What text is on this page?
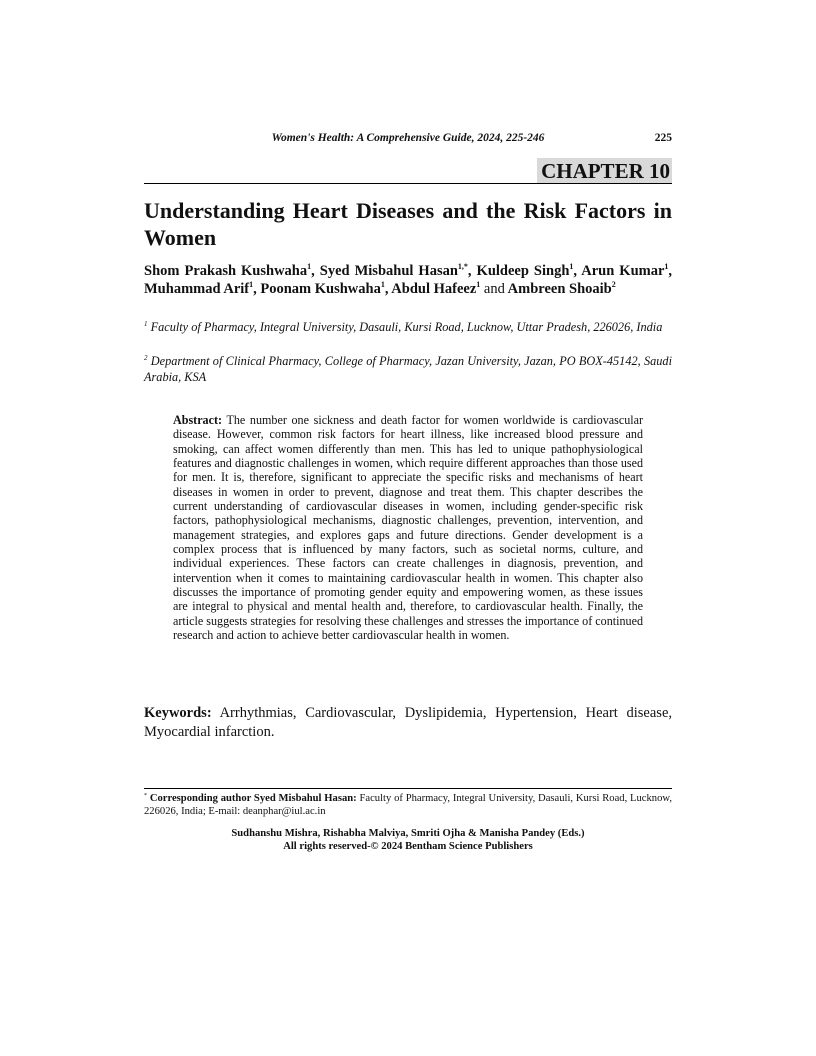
Women's Health: A Comprehensive Guide, 2024, 225-246	225
CHAPTER 10
Understanding Heart Diseases and the Risk Factors in Women
Shom Prakash Kushwaha$^1$, Syed Misbahul Hasan$^{1,*}$, Kuldeep Singh$^1$, Arun Kumar$^1$, Muhammad Arif$^1$, Poonam Kushwaha$^1$, Abdul Hafeez$^1$ and Ambreen Shoaib$^2$
$^1$ Faculty of Pharmacy, Integral University, Dasauli, Kursi Road, Lucknow, Uttar Pradesh, 226026, India
$^2$ Department of Clinical Pharmacy, College of Pharmacy, Jazan University, Jazan, PO BOX-45142, Saudi Arabia, KSA
Abstract: The number one sickness and death factor for women worldwide is cardiovascular disease. However, common risk factors for heart illness, like increased blood pressure and smoking, can affect women differently than men. This has led to unique pathophysiological features and diagnostic challenges in women, which require different approaches than those used for men. It is, therefore, significant to appreciate the specific risks and mechanisms of heart diseases in women in order to prevent, diagnose and treat them. This chapter describes the current understanding of cardiovascular diseases in women, including gender-specific risk factors, pathophysiological mechanisms, diagnostic challenges, prevention, intervention, and management strategies, and explores gaps and future directions. Gender development is a complex process that is influenced by many factors, such as societal norms, culture, and individual experiences. These factors can create challenges in diagnosis, prevention, and intervention when it comes to maintaining cardiovascular health in women. This chapter also discusses the importance of promoting gender equity and empowering women, as these issues are integral to physical and mental health and, therefore, to cardiovascular health. Finally, the article suggests strategies for resolving these challenges and stresses the importance of continued research and action to achieve better cardiovascular health in women.
Keywords: Arrhythmias, Cardiovascular, Dyslipidemia, Hypertension, Heart disease, Myocardial infarction.
* Corresponding author Syed Misbahul Hasan: Faculty of Pharmacy, Integral University, Dasauli, Kursi Road, Lucknow, 226026, India; E-mail: deanphar@iul.ac.in
Sudhanshu Mishra, Rishabha Malviya, Smriti Ojha & Manisha Pandey (Eds.)
All rights reserved-© 2024 Bentham Science Publishers
